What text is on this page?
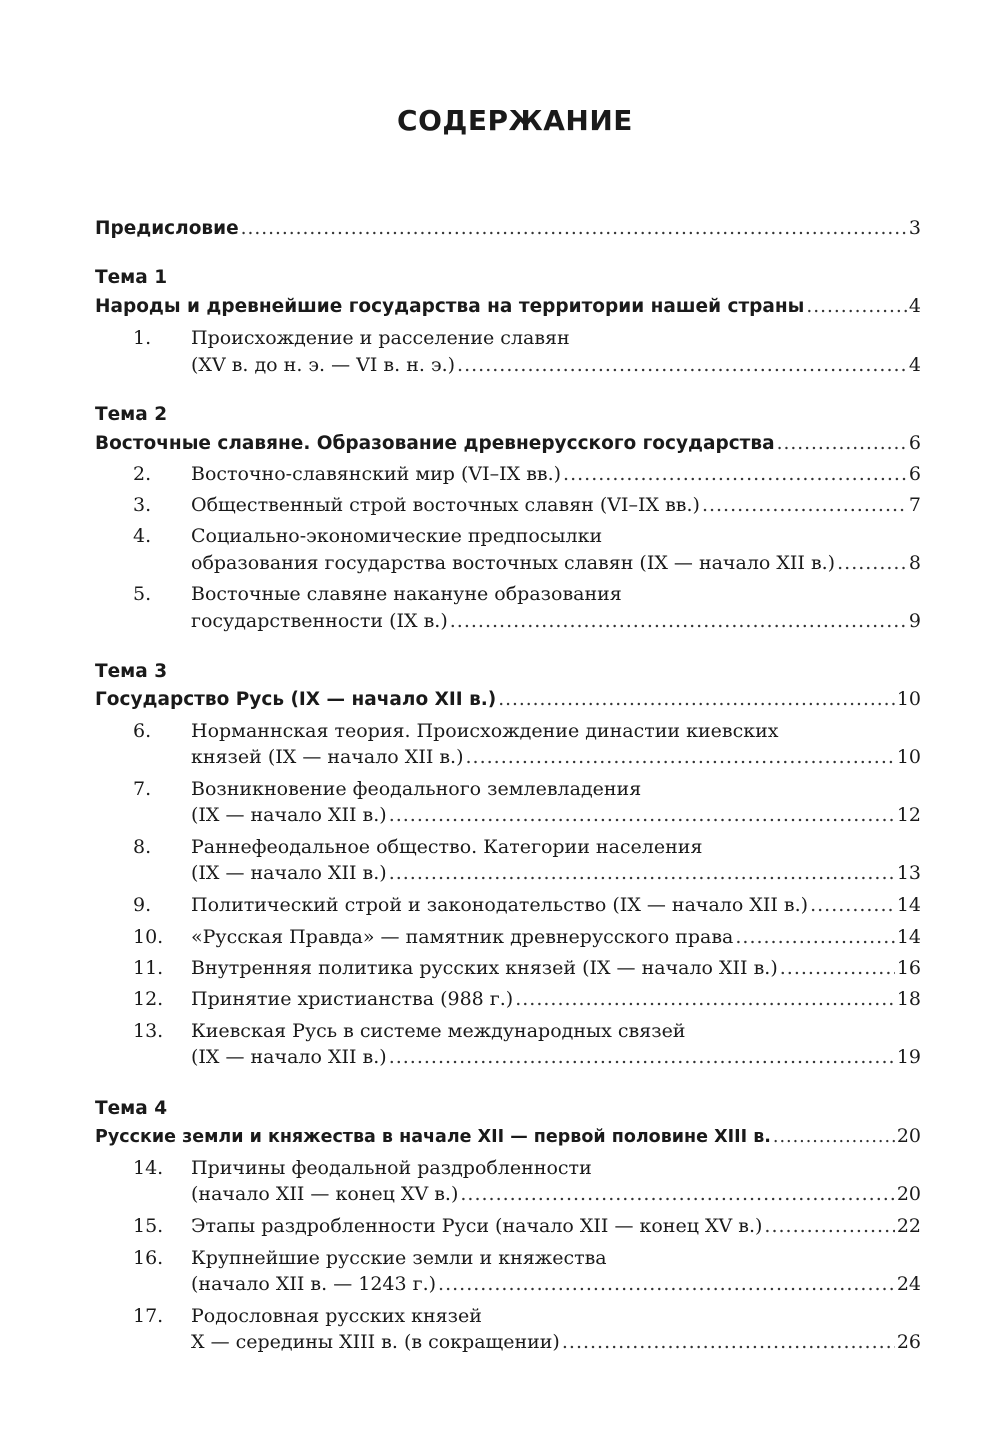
СОДЕРЖАНИЕ
Предисловие .....	3
Тема 1
Народы и древнейшие государства на территории нашей страны .....	4
1.	Происхождение и расселение славян
(XV в. до н. э. — VI в. н. э.) .....	4
Тема 2
Восточные славяне. Образование древнерусского государства .....	6
2.	Восточно-славянский мир (VI–IX вв.) .....	6
3.	Общественный строй восточных славян (VI–IX вв.) .....	7
4.	Социально-экономические предпосылки
образования государства восточных славян (IX — начало XII в.) .....	8
5.	Восточные славяне накануне образования
государственности (IX в.) .....	9
Тема 3
Государство Русь (IX — начало XII в.) .....	10
6.	Норманнская теория. Происхождение династии киевских
князей (IX — начало XII в.) .....	10
7.	Возникновение феодального землевладения
(IX — начало XII в.) .....	12
8.	Раннефеодальное общество. Категории населения
(IX — начало XII в.) .....	13
9.	Политический строй и законодательство (IX — начало XII в.) .....	14
10.	«Русская Правда» — памятник древнерусского права .....	14
11.	Внутренняя политика русских князей (IX — начало XII в.) .....	16
12.	Принятие христианства (988 г.) .....	18
13.	Киевская Русь в системе международных связей
(IX — начало XII в.) .....	19
Тема 4
Русские земли и княжества в начале XII — первой половине XIII в. .....	20
14.	Причины феодальной раздробленности
(начало XII — конец XV в.) .....	20
15.	Этапы раздробленности Руси (начало XII — конец XV в.) .....	22
16.	Крупнейшие русские земли и княжества
(начало XII в. — 1243 г.) .....	24
17.	Родословная русских князей
X — середины XIII в. (в сокращении) .....	26
